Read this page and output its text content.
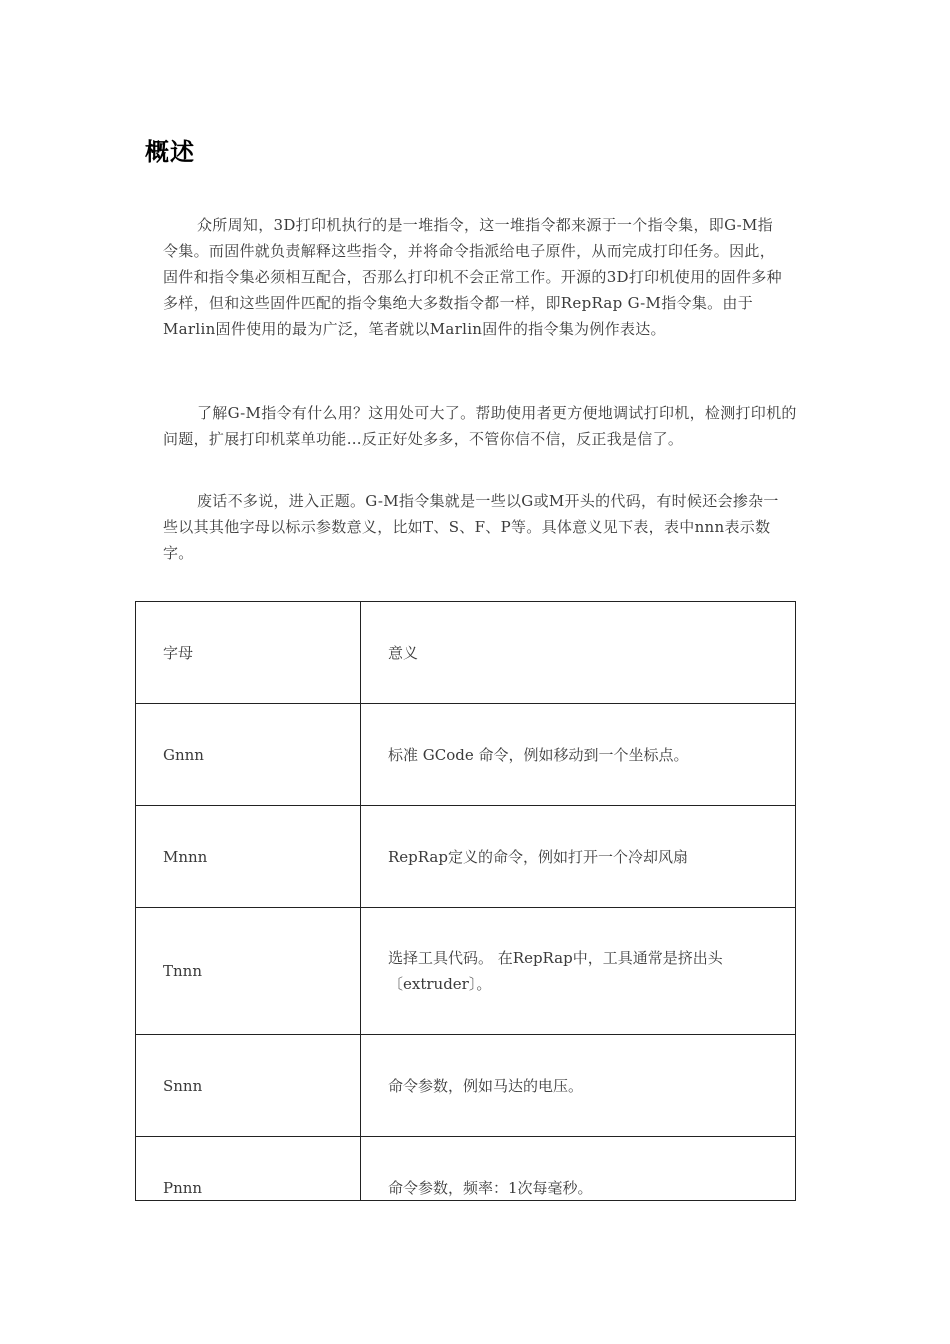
概述

众所周知，3D打印机执行的是一堆指令，这一堆指令都来源于一个指令集，即G-M指令集。而固件就负责解释这些指令，并将命令指派给电子原件，从而完成打印任务。因此，固件和指令集必须相互配合，否那么打印机不会正常工作。开源的3D打印机使用的固件多种多样，但和这些固件匹配的指令集绝大多数指令都一样，即RepRap G-M指令集。由于Marlin固件使用的最为广泛，笔者就以Marlin固件的指令集为例作表达。

了解G-M指令有什么用？这用处可大了。帮助使用者更方便地调试打印机，检测打印机的问题，扩展打印机菜单功能…反正好处多多，不管你信不信，反正我是信了。

废话不多说，进入正题。G-M指令集就是一些以G或M开头的代码，有时候还会掺杂一些以其其他字母以标示参数意义，比如T、S、F、P等。具体意义见下表，表中nnn表示数字。

字母	意义
Gnnn	标准 GCode 命令，例如移动到一个坐标点。
Mnnn	RepRap定义的命令，例如打开一个冷却风扇
Tnnn	选择工具代码。 在RepRap中，工具通常是挤出头〔extruder〕。
Snnn	命令参数，例如马达的电压。
Pnnn	命令参数，频率：1次每毫秒。
